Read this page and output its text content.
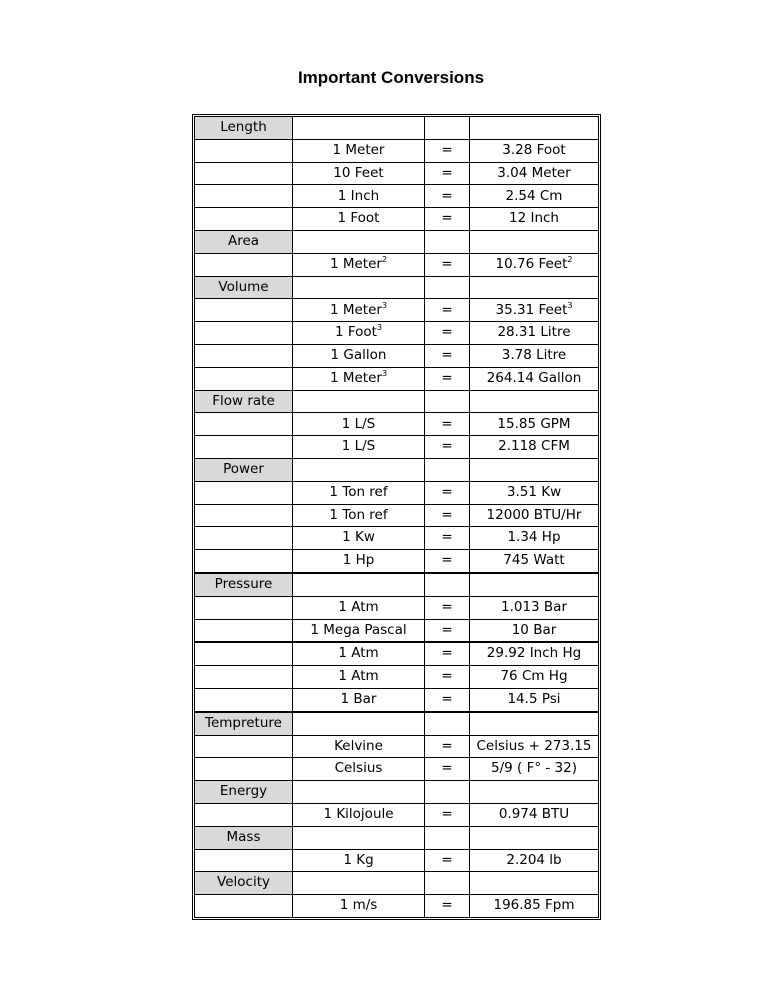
Important Conversions
Length			
	1 Meter	=	3.28 Foot
	10 Feet	=	3.04 Meter
	1 Inch	=	2.54 Cm
	1 Foot	=	12 Inch
Area			
	1 Meter$^2$	=	10.76 Feet$^2$
Volume			
	1 Meter$^3$	=	35.31 Feet$^3$
	1 Foot$^3$	=	28.31 Litre
	1 Gallon	=	3.78 Litre
	1 Meter$^3$	=	264.14 Gallon
Flow rate			
	1 L/S	=	15.85 GPM
	1 L/S	=	2.118 CFM
Power			
	1 Ton ref	=	3.51 Kw
	1 Ton ref	=	12000 BTU/Hr
	1 Kw	=	1.34 Hp
	1 Hp	=	745 Watt
Pressure			
	1 Atm	=	1.013 Bar
	1 Mega Pascal	=	10 Bar
	1 Atm	=	29.92 Inch Hg
	1 Atm	=	76 Cm Hg
	1 Bar	=	14.5 Psi
Tempreture			
	Kelvine	=	Celsius + 273.15
	Celsius	=	5/9 ( F° - 32)
Energy			
	1 Kilojoule	=	0.974 BTU
Mass			
	1 Kg	=	2.204 lb
Velocity			
	1 m/s	=	196.85 Fpm
